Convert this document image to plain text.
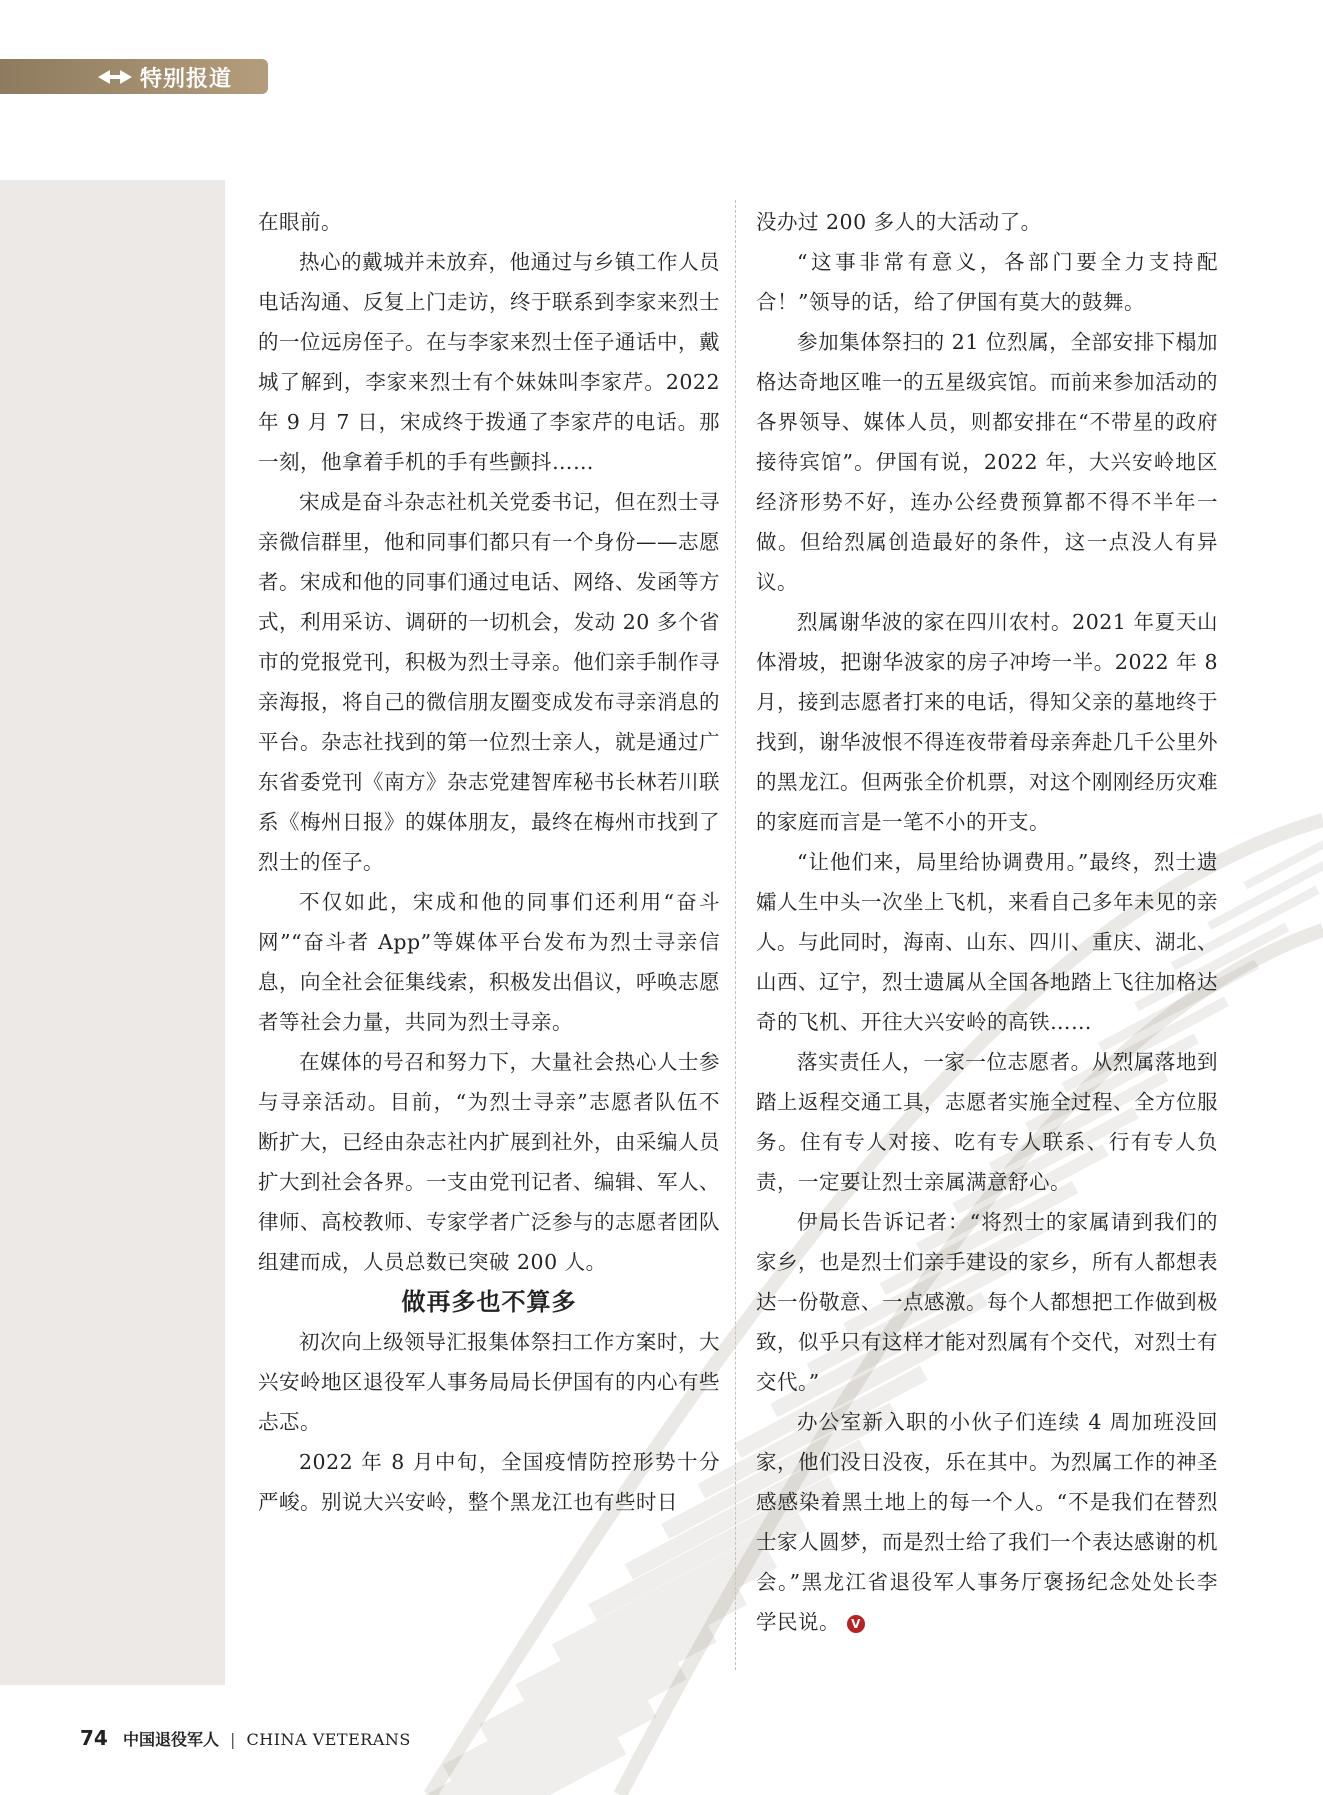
特别报道

在眼前。

热心的戴城并未放弃，他通过与乡镇工作人员电话沟通、反复上门走访，终于联系到李家来烈士的一位远房侄子。在与李家来烈士侄子通话中，戴城了解到，李家来烈士有个妹妹叫李家芹。2022 年 9 月 7 日，宋成终于拨通了李家芹的电话。那一刻，他拿着手机的手有些颤抖……

宋成是奋斗杂志社机关党委书记，但在烈士寻亲微信群里，他和同事们都只有一个身份——志愿者。宋成和他的同事们通过电话、网络、发函等方式，利用采访、调研的一切机会，发动 20 多个省市的党报党刊，积极为烈士寻亲。他们亲手制作寻亲海报，将自己的微信朋友圈变成发布寻亲消息的平台。杂志社找到的第一位烈士亲人，就是通过广东省委党刊《南方》杂志党建智库秘书长林若川联系《梅州日报》的媒体朋友，最终在梅州市找到了烈士的侄子。

不仅如此，宋成和他的同事们还利用“奋斗网”“奋斗者 App”等媒体平台发布为烈士寻亲信息，向全社会征集线索，积极发出倡议，呼唤志愿者等社会力量，共同为烈士寻亲。

在媒体的号召和努力下，大量社会热心人士参与寻亲活动。目前，“为烈士寻亲”志愿者队伍不断扩大，已经由杂志社内扩展到社外，由采编人员扩大到社会各界。一支由党刊记者、编辑、军人、律师、高校教师、专家学者广泛参与的志愿者团队组建而成，人员总数已突破 200 人。

做再多也不算多

初次向上级领导汇报集体祭扫工作方案时，大兴安岭地区退役军人事务局局长伊国有的内心有些忐忑。

2022 年 8 月中旬，全国疫情防控形势十分严峻。别说大兴安岭，整个黑龙江也有些时日

没办过 200 多人的大活动了。

“这事非常有意义，各部门要全力支持配合！”领导的话，给了伊国有莫大的鼓舞。

参加集体祭扫的 21 位烈属，全部安排下榻加格达奇地区唯一的五星级宾馆。而前来参加活动的各界领导、媒体人员，则都安排在“不带星的政府接待宾馆”。伊国有说，2022 年，大兴安岭地区经济形势不好，连办公经费预算都不得不半年一做。但给烈属创造最好的条件，这一点没人有异议。

烈属谢华波的家在四川农村。2021 年夏天山体滑坡，把谢华波家的房子冲垮一半。2022 年 8 月，接到志愿者打来的电话，得知父亲的墓地终于找到，谢华波恨不得连夜带着母亲奔赴几千公里外的黑龙江。但两张全价机票，对这个刚刚经历灾难的家庭而言是一笔不小的开支。

“让他们来，局里给协调费用。”最终，烈士遗孀人生中头一次坐上飞机，来看自己多年未见的亲人。与此同时，海南、山东、四川、重庆、湖北、山西、辽宁，烈士遗属从全国各地踏上飞往加格达奇的飞机、开往大兴安岭的高铁……

落实责任人，一家一位志愿者。从烈属落地到踏上返程交通工具，志愿者实施全过程、全方位服务。住有专人对接、吃有专人联系、行有专人负责，一定要让烈士亲属满意舒心。

伊局长告诉记者：“将烈士的家属请到我们的家乡，也是烈士们亲手建设的家乡，所有人都想表达一份敬意、一点感激。每个人都想把工作做到极致，似乎只有这样才能对烈属有个交代，对烈士有交代。”

办公室新入职的小伙子们连续 4 周加班没回家，他们没日没夜，乐在其中。为烈属工作的神圣感感染着黑土地上的每一个人。“不是我们在替烈士家人圆梦，而是烈士给了我们一个表达感谢的机会。”黑龙江省退役军人事务厅褒扬纪念处处长李学民说。 V

74 中国退役军人 | CHINA VETERANS
